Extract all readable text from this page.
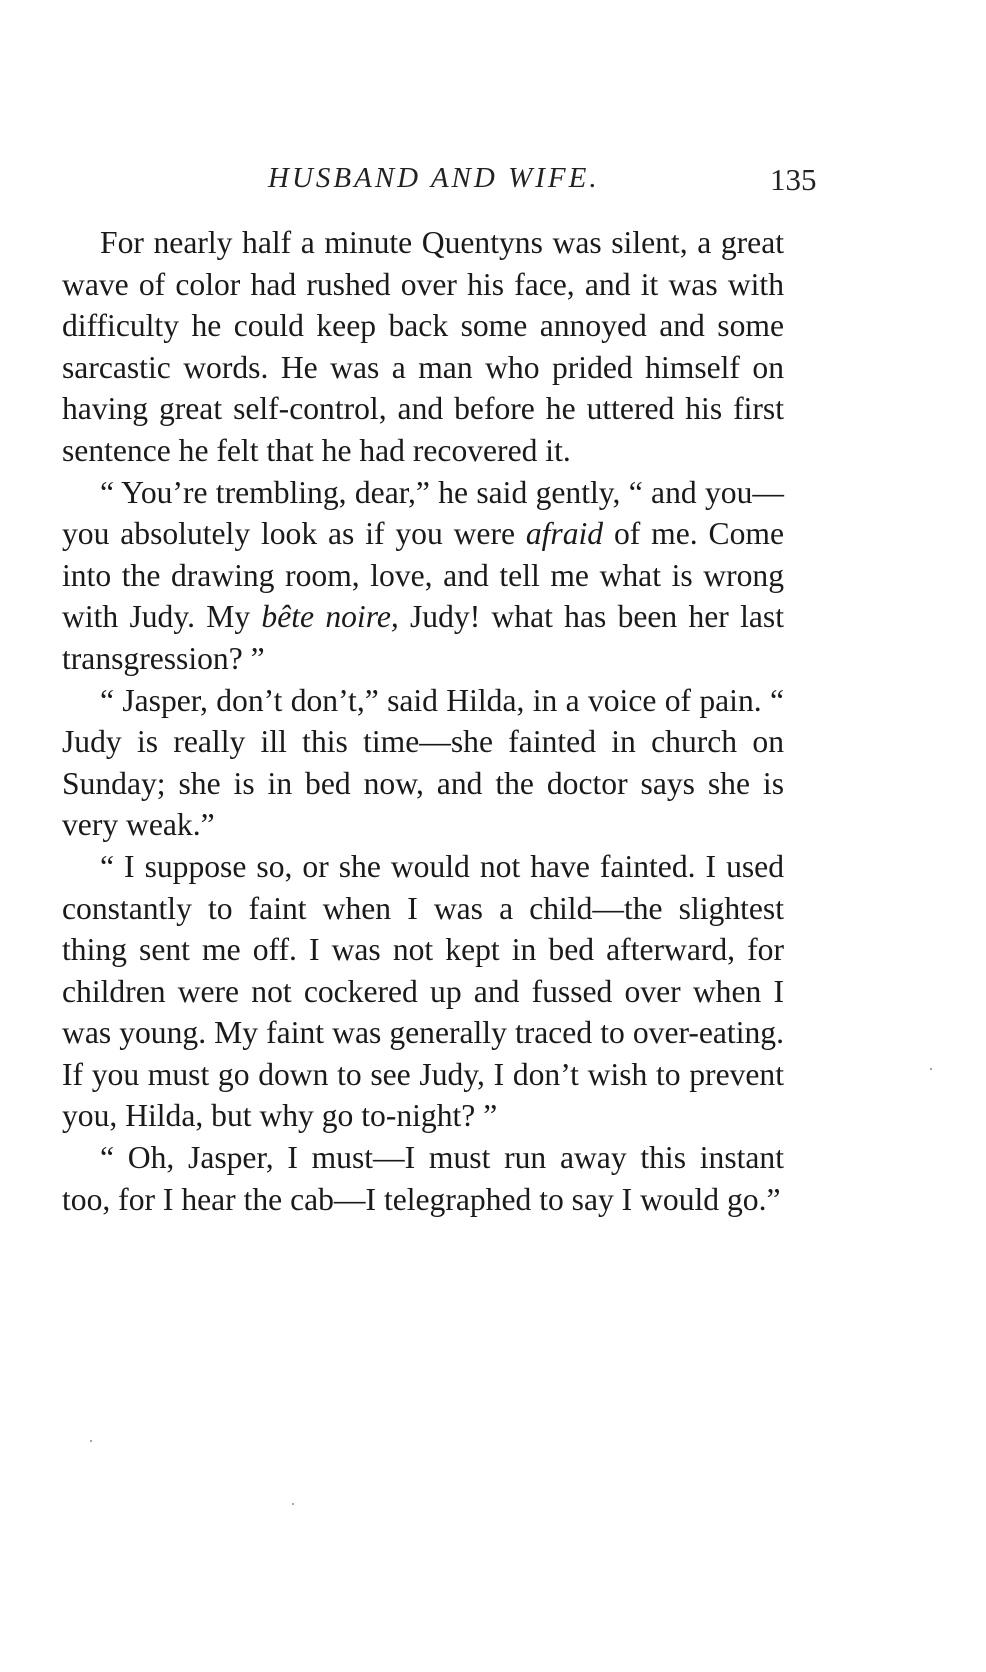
HUSBAND AND WIFE.	135

For nearly half a minute Quentyns was silent, a great wave of color had rushed over his face, and it was with difficulty he could keep back some annoyed and some sarcastic words. He was a man who prided himself on having great self-control, and before he uttered his first sentence he felt that he had recovered it.

“ You’re trembling, dear,” he said gently, “ and you—you absolutely look as if you were afraid of me. Come into the drawing room, love, and tell me what is wrong with Judy. My bête noire, Judy! what has been her last transgression? ”

“ Jasper, don’t don’t,” said Hilda, in a voice of pain. “ Judy is really ill this time—she fainted in church on Sunday; she is in bed now, and the doctor says she is very weak.”

“ I suppose so, or she would not have fainted. I used constantly to faint when I was a child—the slightest thing sent me off. I was not kept in bed afterward, for children were not cockered up and fussed over when I was young. My faint was generally traced to over-eating. If you must go down to see Judy, I don’t wish to prevent you, Hilda, but why go to-night? ”

“ Oh, Jasper, I must—I must run away this instant too, for I hear the cab—I telegraphed to say I would go.”
